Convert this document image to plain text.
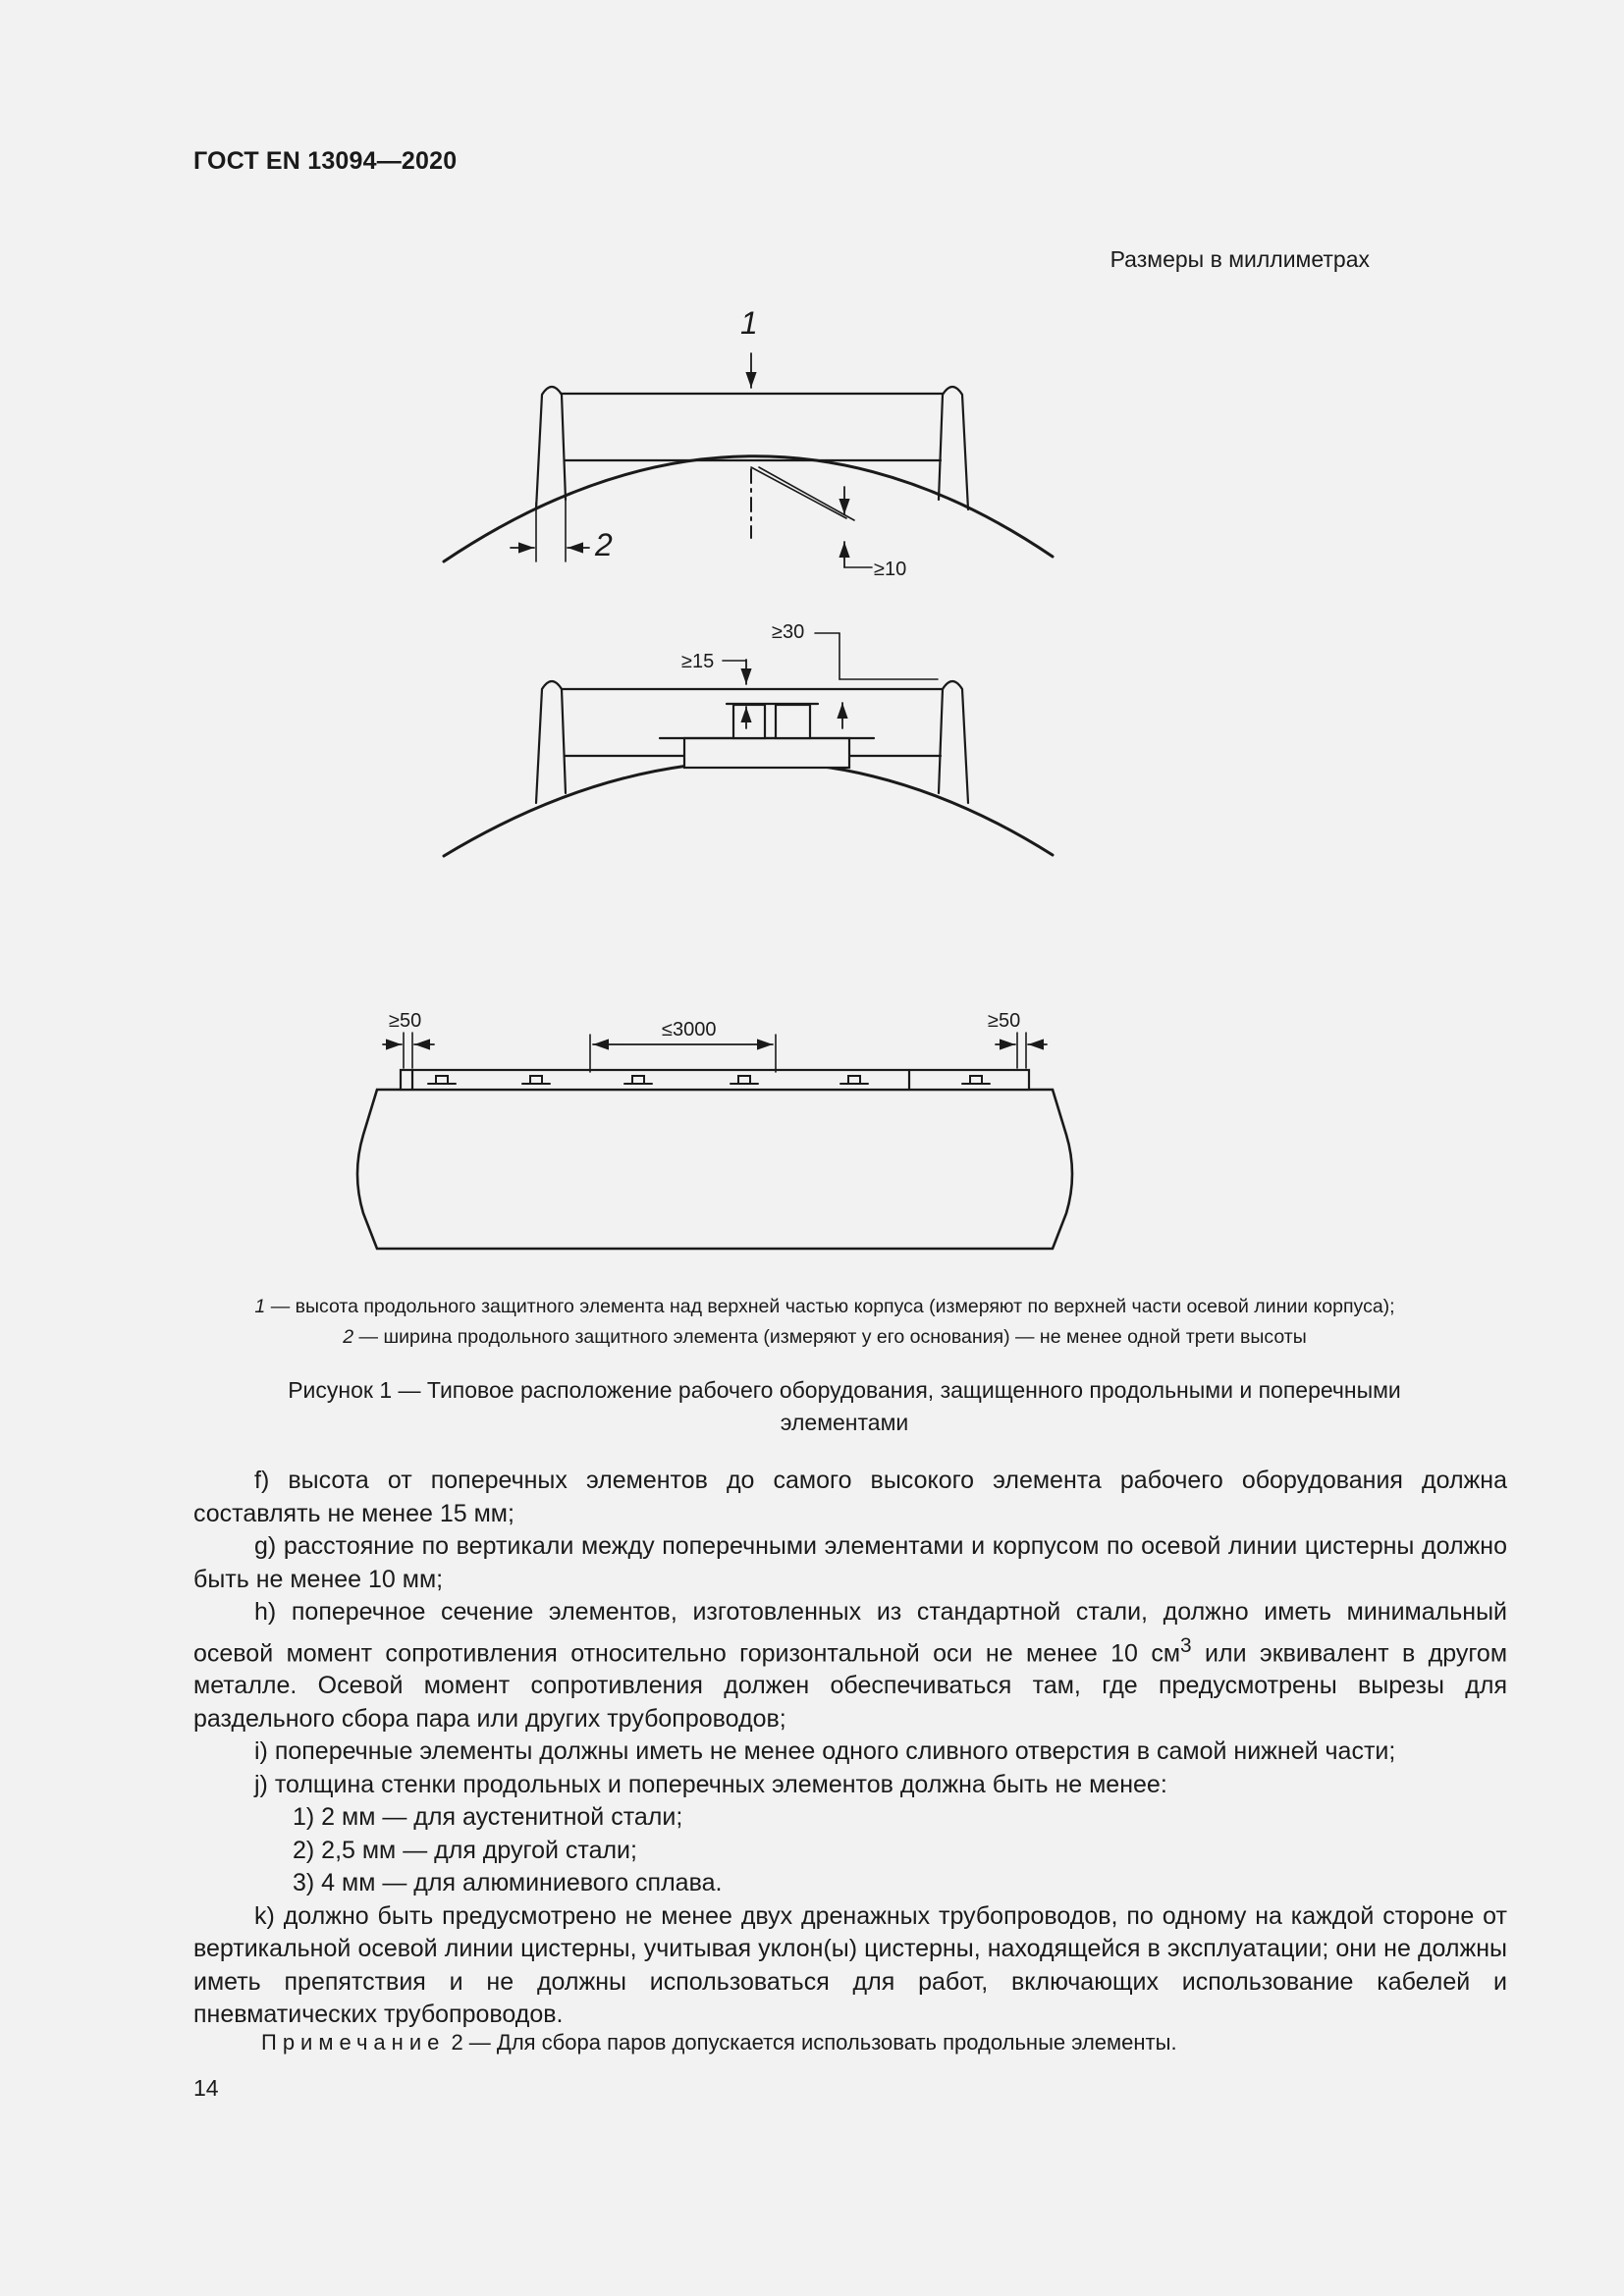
ГОСТ EN 13094—2020
Размеры в миллиметрах
1
2
≥10
≥15
≥30
≥50	≤3000	≥50
1 — высота продольного защитного элемента над верхней частью корпуса (измеряют по верхней части осевой линии корпуса);
2 — ширина продольного защитного элемента (измеряют у его основания) — не менее одной трети высоты
Рисунок 1 — Типовое расположение рабочего оборудования, защищенного продольными и поперечными
элементами

f) высота от поперечных элементов до самого высокого элемента рабочего оборудования должна составлять не менее 15 мм;

g) расстояние по вертикали между поперечными элементами и корпусом по осевой линии цистерны должно быть не менее 10 мм;

h) поперечное сечение элементов, изготовленных из стандартной стали, должно иметь минимальный осевой момент сопротивления относительно горизонтальной оси не менее 10 $см^3$ или эквивалент в другом металле. Осевой момент сопротивления должен обеспечиваться там, где предусмотрены вырезы для раздельного сбора пара или других трубопроводов;

i) поперечные элементы должны иметь не менее одного сливного отверстия в самой нижней части;

j) толщина стенки продольных и поперечных элементов должна быть не менее:

1) 2 мм — для аустенитной стали;

2) 2,5 мм — для другой стали;

3) 4 мм — для алюминиевого сплава.

k) должно быть предусмотрено не менее двух дренажных трубопроводов, по одному на каждой стороне от вертикальной осевой линии цистерны, учитывая уклон(ы) цистерны, находящейся в эксплуатации; они не должны иметь препятствия и не должны использоваться для работ, включающих использование кабелей и пневматических трубопроводов.

Примечание 2 — Для сбора паров допускается использовать продольные элементы.
14
